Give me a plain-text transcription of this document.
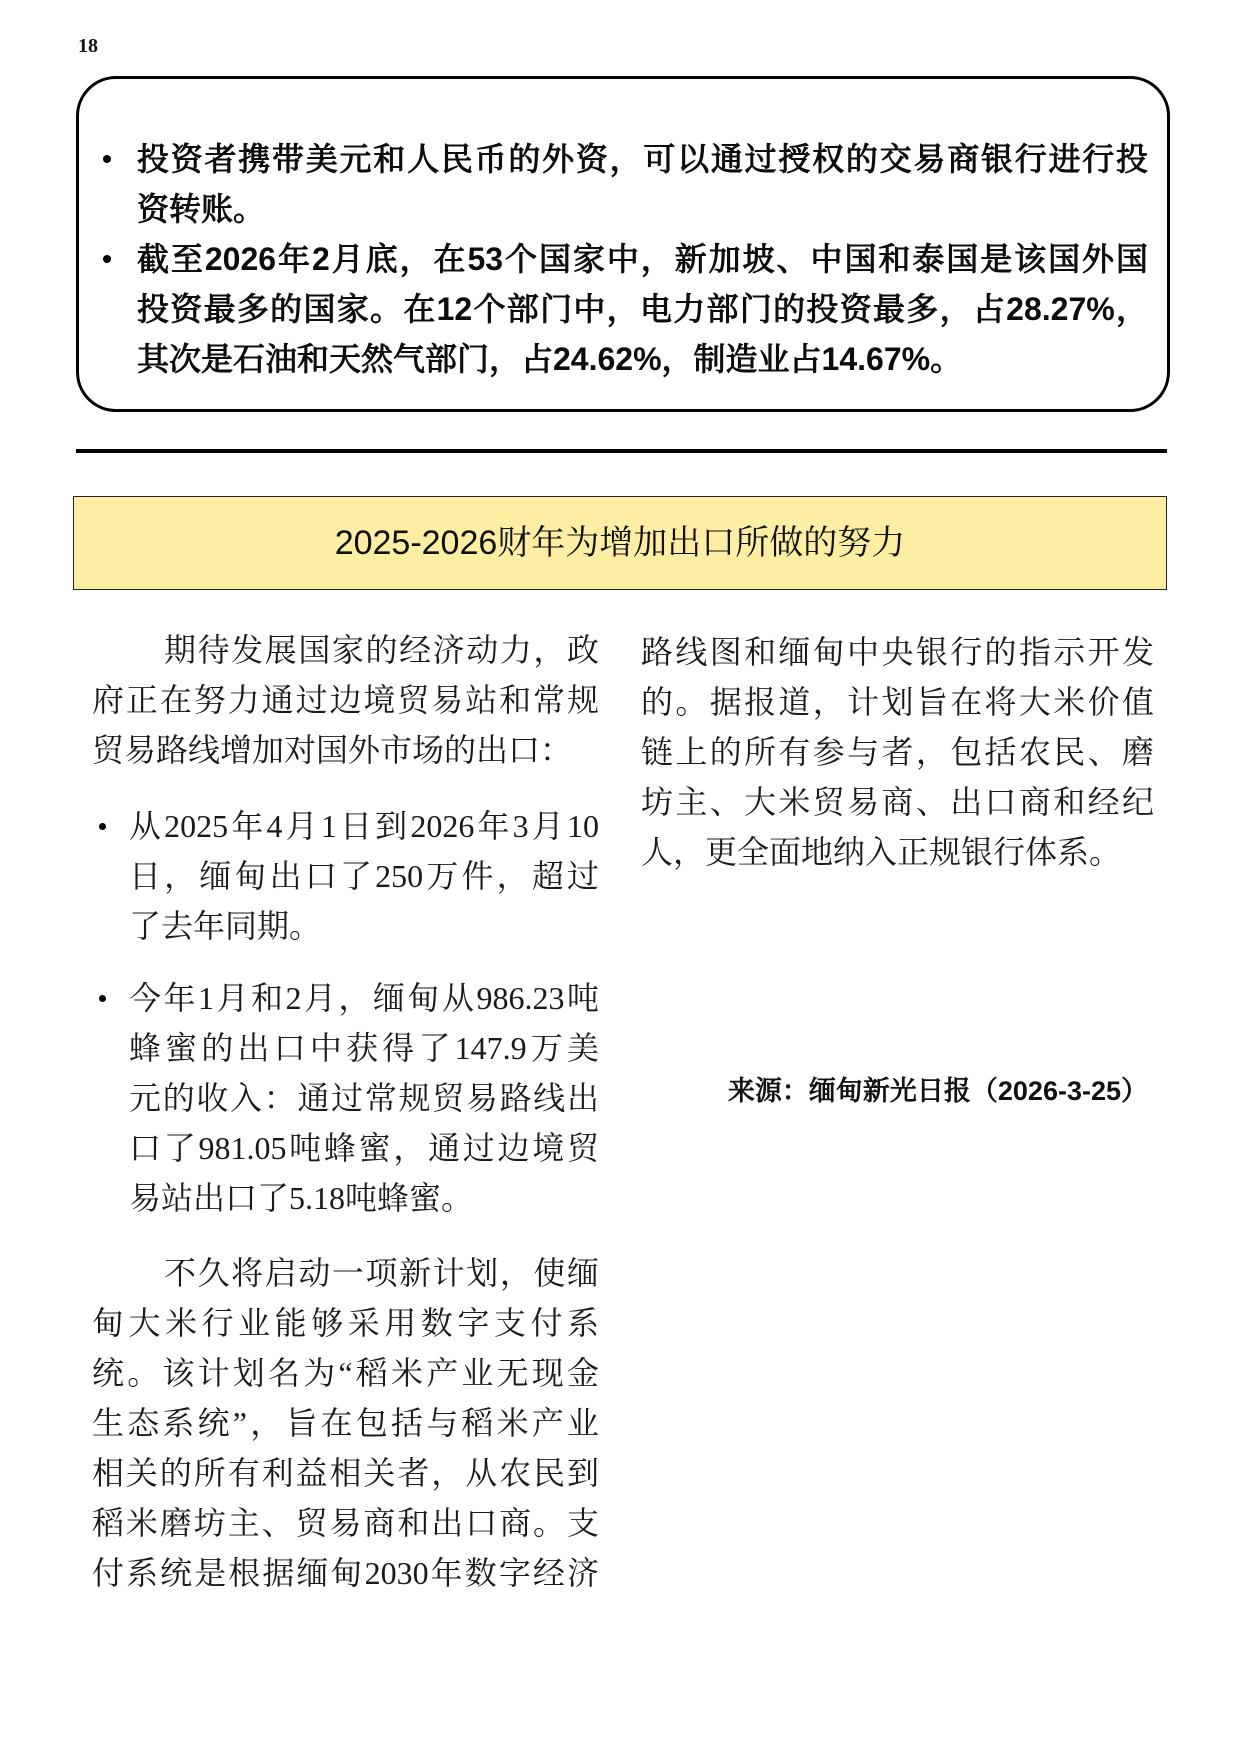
18
投资者携带美元和人民币的外资，可以通过授权的交易商银行进行投
资转账。
截至2026年2月底，在53个国家中，新加坡、中国和泰国是该国外国
投资最多的国家。在12个部门中，电力部门的投资最多，占28.27%，
其次是石油和天然气部门，占24.62%，制造业占14.67%。
2025-2026财年为增加出口所做的努力
期待发展国家的经济动力，政
府正在努力通过边境贸易站和常规
贸易路线增加对国外市场的出口：
从2025年4月1日到2026年3月10
日，缅甸出口了250万件，超过
了去年同期。
今年1月和2月，缅甸从986.23吨
蜂蜜的出口中获得了147.9万美
元的收入：通过常规贸易路线出
口了981.05吨蜂蜜，通过边境贸
易站出口了5.18吨蜂蜜。
不久将启动一项新计划，使缅
甸大米行业能够采用数字支付系
统。该计划名为“稻米产业无现金
生态系统”，旨在包括与稻米产业
相关的所有利益相关者，从农民到
稻米磨坊主、贸易商和出口商。支
付系统是根据缅甸2030年数字经济
路线图和缅甸中央银行的指示开发
的。据报道，计划旨在将大米价值
链上的所有参与者，包括农民、磨
坊主、大米贸易商、出口商和经纪
人，更全面地纳入正规银行体系。
来源：缅甸新光日报（2026-3-25）
